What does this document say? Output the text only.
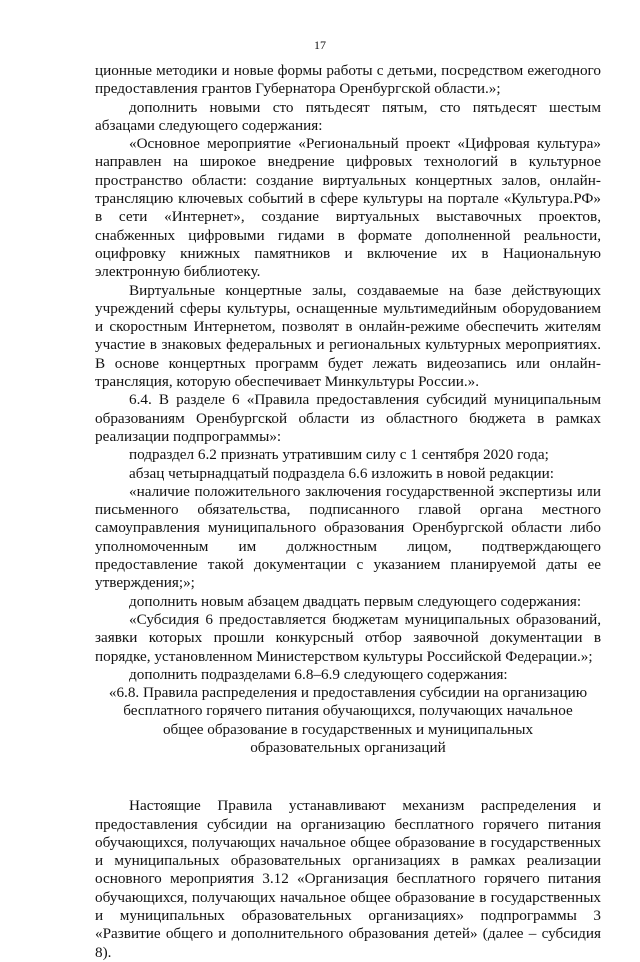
17

ционные методики и новые формы работы с детьми, посредством ежегодного предоставления грантов Губернатора Оренбургской области.»;

дополнить новыми сто пятьдесят пятым, сто пятьдесят шестым абзацами следующего содержания:

«Основное мероприятие «Региональный проект «Цифровая культура» направлен на широкое внедрение цифровых технологий в культурное пространство области: создание виртуальных концертных залов, онлайн-трансляцию ключевых событий в сфере культуры на портале «Культура.РФ» в сети «Интернет», создание виртуальных выставочных проектов, снабженных цифровыми гидами в формате дополненной реальности, оцифровку книжных памятников и включение их в Национальную электронную библиотеку.

Виртуальные концертные залы, создаваемые на базе действующих учреждений сферы культуры, оснащенные мультимедийным оборудованием и скоростным Интернетом, позволят в онлайн-режиме обеспечить жителям участие в знаковых федеральных и региональных культурных мероприятиях. В основе концертных программ будет лежать видеозапись или онлайн-трансляция, которую обеспечивает Минкультуры России.».

6.4. В разделе 6 «Правила предоставления субсидий муниципальным образованиям Оренбургской области из областного бюджета в рамках реализации подпрограммы»:

подраздел 6.2 признать утратившим силу с 1 сентября 2020 года;

абзац четырнадцатый подраздела 6.6 изложить в новой редакции:

«наличие положительного заключения государственной экспертизы или письменного обязательства, подписанного главой органа местного самоуправления муниципального образования Оренбургской области либо уполномоченным им должностным лицом, подтверждающего предоставление такой документации с указанием планируемой даты ее утверждения;»;

дополнить новым абзацем двадцать первым следующего содержания:

«Субсидия 6 предоставляется бюджетам муниципальных образований, заявки которых прошли конкурсный отбор заявочной документации в порядке, установленном Министерством культуры Российской Федерации.»;

дополнить подразделами 6.8–6.9 следующего содержания:

«6.8. Правила распределения и предоставления субсидии на организацию бесплатного горячего питания обучающихся, получающих начальное общее образование в государственных и муниципальных образовательных организаций

Настоящие Правила устанавливают механизм распределения и предоставления субсидии на организацию бесплатного горячего питания обучающихся, получающих начальное общее образование в государственных и муниципальных образовательных организациях в рамках реализации основного мероприятия 3.12 «Организация бесплатного горячего питания обучающихся, получающих начальное общее образование в государственных и муниципальных образовательных организациях» подпрограммы 3 «Развитие общего и дополнительного образования детей» (далее – субсидия 8).
